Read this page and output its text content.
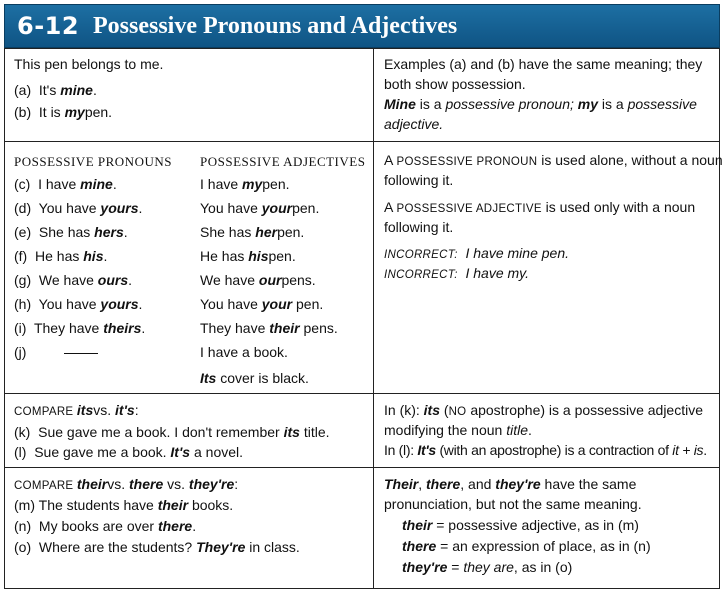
6-12 Possessive Pronouns and Adjectives
This pen belongs to me.
(a) It's mine.
(b) It is mypen.
Examples (a) and (b) have the same meaning; they
both show possession.
Mine is a possessive pronoun; my is a possessive
adjective.
POSSESSIVE PRONOUNS POSSESSIVE ADJECTIVES
(c) I have mine.	I have mypen.
(d) You have yours.	You have yourpen.
(e) She has hers.	She has herpen.
(f) He has his.	He has hispen.
(g) We have ours.	We have ourpens.
(h) You have yours.	You have your pen.
(i) They have theirs.	They have their pens.
(j)	I have a book.
Its cover is black.
A POSSESSIVE PRONOUN is used alone, without a noun
following it.
A POSSESSIVE ADJECTIVE is used only with a noun
following it.
INCORRECT: I have mine pen.
INCORRECT: I have my.
COMPARE itsvs. it's:
(k) Sue gave me a book. I don't remember its title.
(l) Sue gave me a book. It's a novel.
In (k): its (NO apostrophe) is a possessive adjective
modifying the noun title.
In (l): It's (with an apostrophe) is a contraction of it + is.
COMPARE theirvs. there vs. they're:
(m) The students have their books.
(n) My books are over there.
(o) Where are the students? They're in class.
Their, there, and they're have the same
pronunciation, but not the same meaning.
their = possessive adjective, as in (m)
there = an expression of place, as in (n)
they're = they are, as in (o)
